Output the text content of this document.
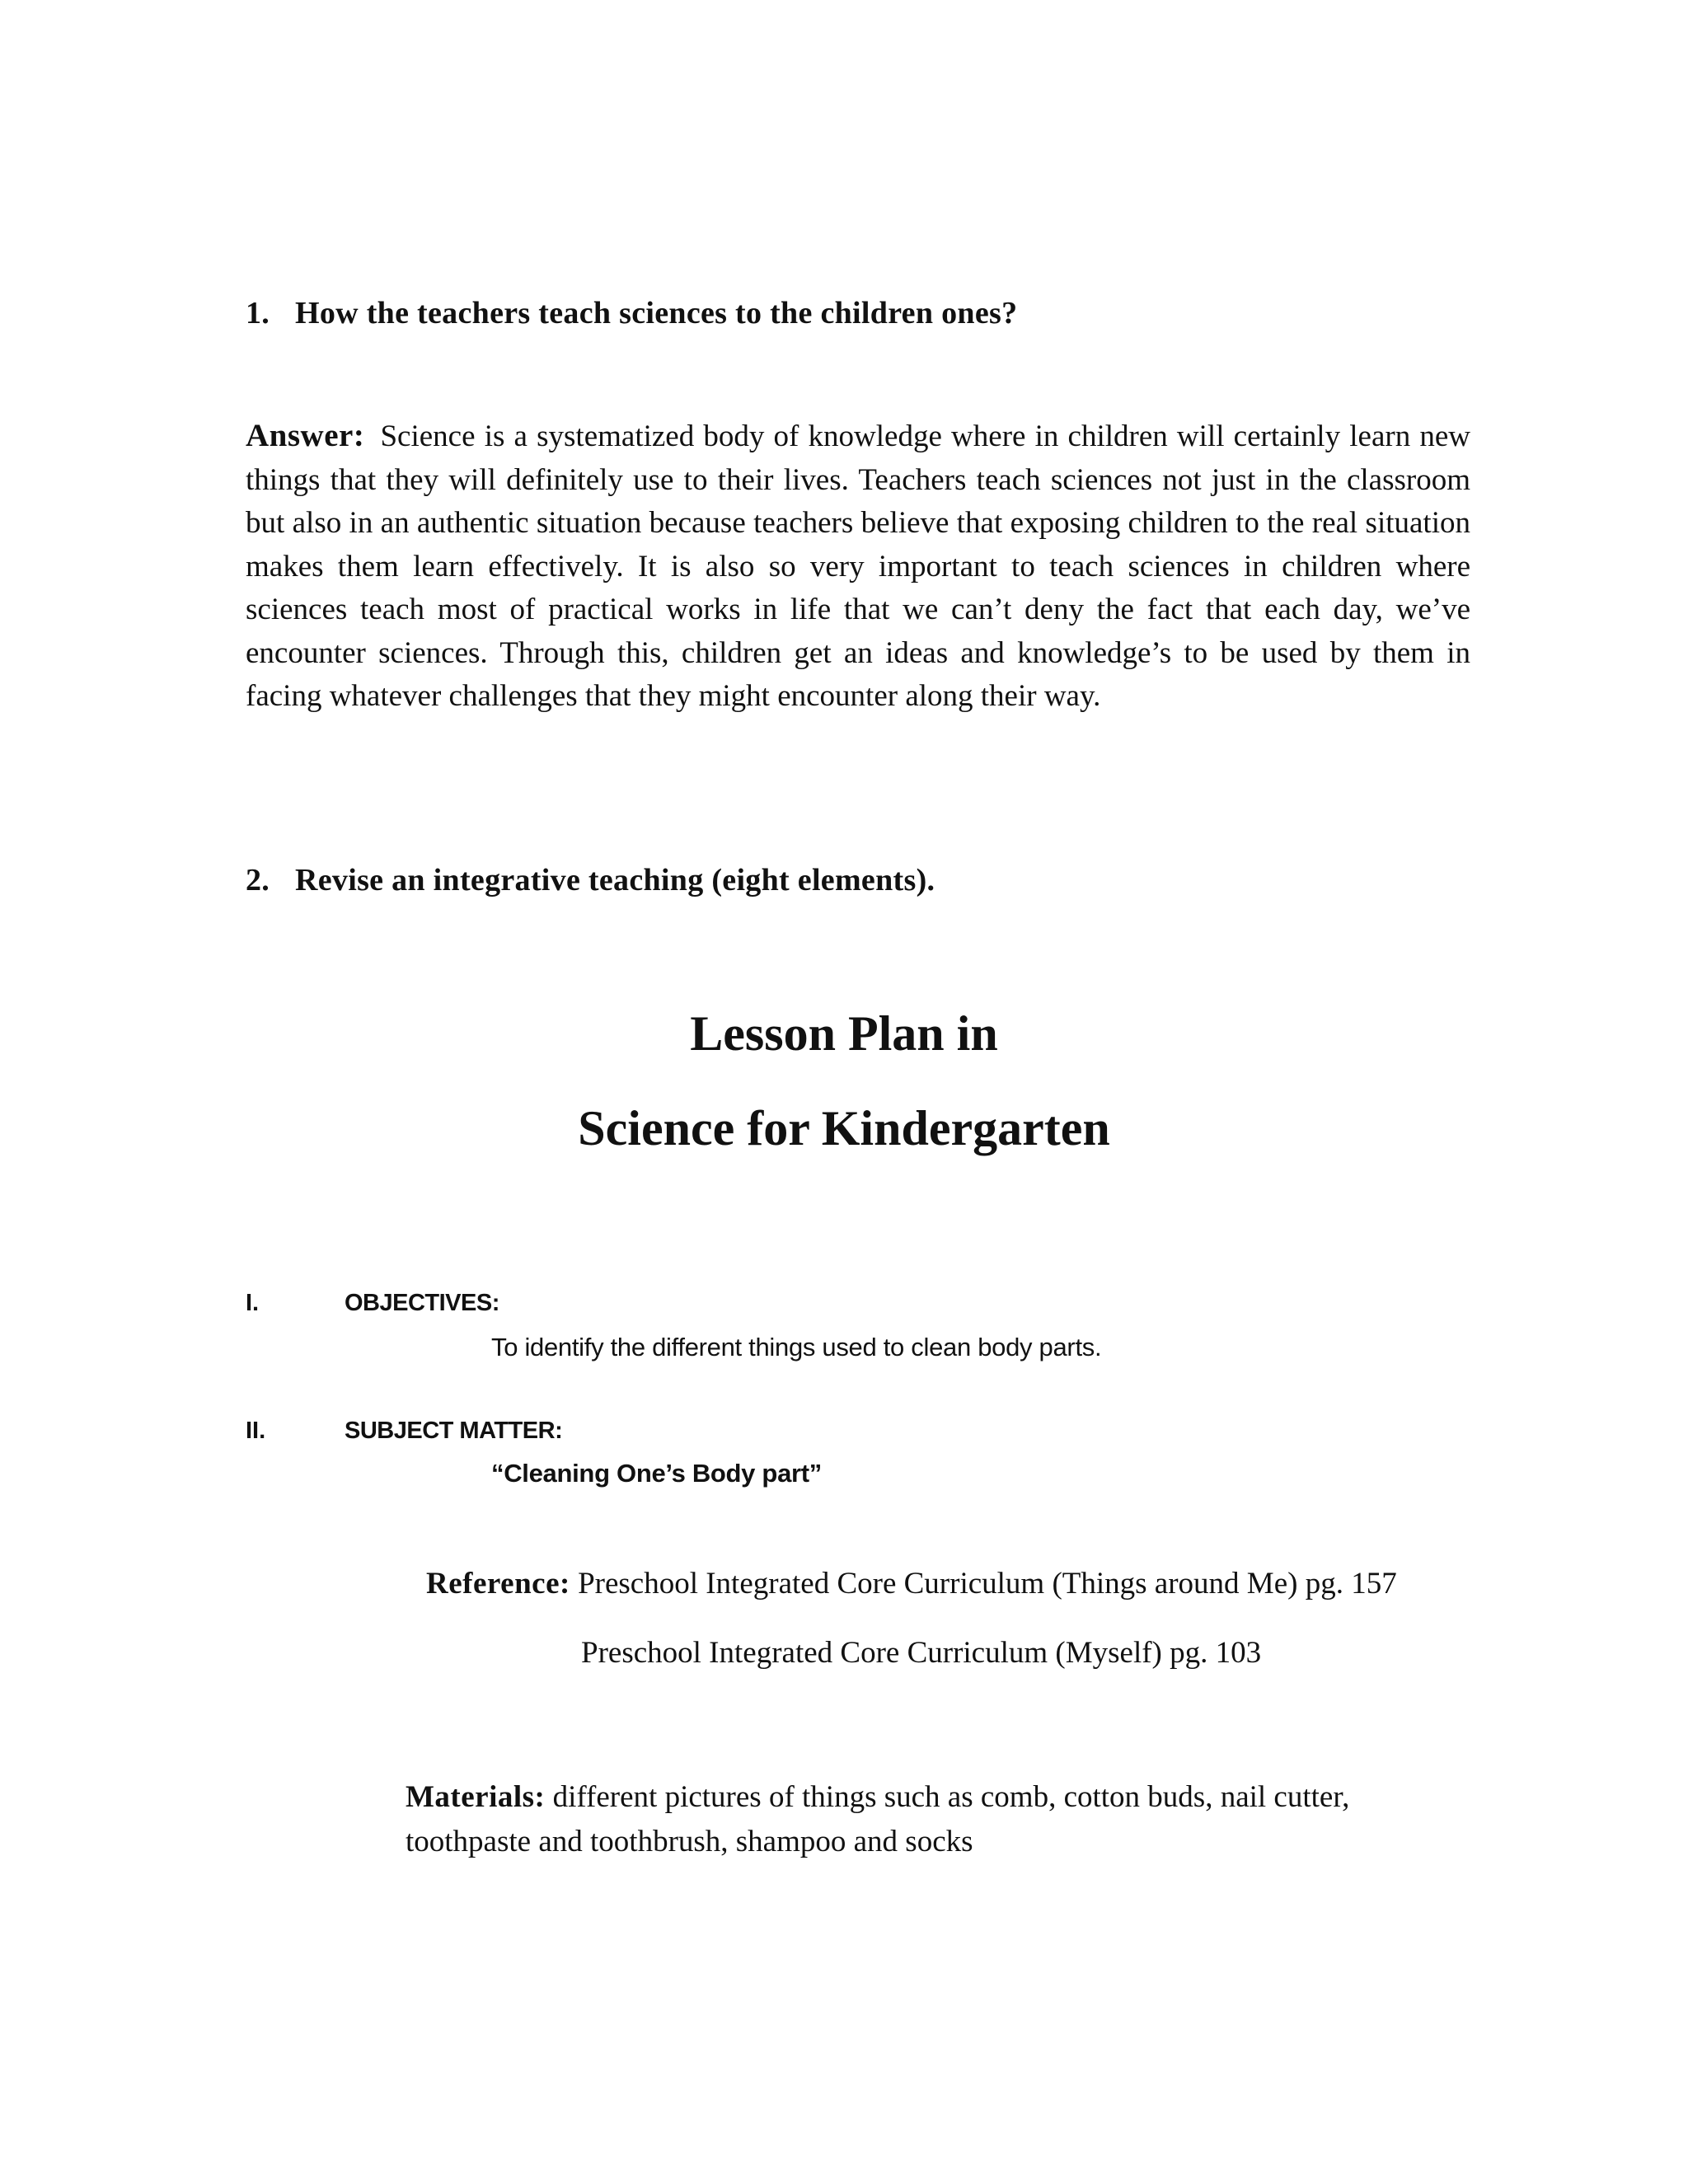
1. How the teachers teach sciences to the children ones?
Answer: Science is a systematized body of knowledge where in children will certainly learn new things that they will definitely use to their lives. Teachers teach sciences not just in the classroom but also in an authentic situation because teachers believe that exposing children to the real situation makes them learn effectively. It is also so very important to teach sciences in children where sciences teach most of practical works in life that we can’t deny the fact that each day, we’ve encounter sciences. Through this, children get an ideas and knowledge’s to be used by them in facing whatever challenges that they might encounter along their way.
2. Revise an integrative teaching (eight elements).
Lesson Plan in
Science for Kindergarten
I.	OBJECTIVES:
To identify the different things used to clean body parts.
II.	SUBJECT MATTER:
“Cleaning One’s Body part”
Reference: Preschool Integrated Core Curriculum (Things around Me) pg. 157
Preschool Integrated Core Curriculum (Myself) pg. 103
Materials: different pictures of things such as comb, cotton buds, nail cutter, toothpaste and toothbrush, shampoo and socks
